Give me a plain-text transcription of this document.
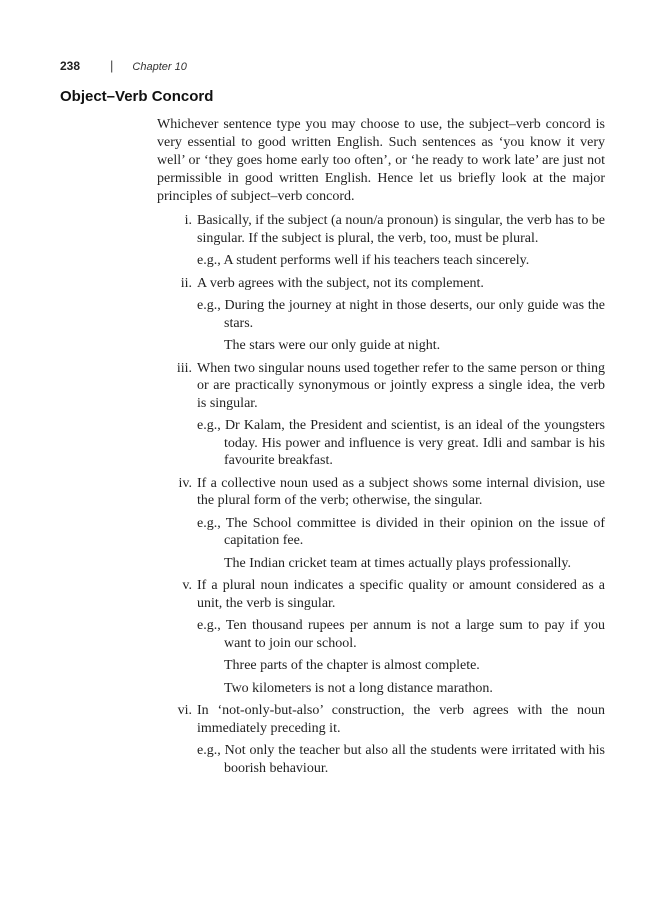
238 | Chapter 10
Object–Verb Concord

Whichever sentence type you may choose to use, the subject–verb concord is very essential to good written English. Such sentences as ‘you know it very well’ or ‘they goes home early too often’, or ‘he ready to work late’ are just not permissible in good written English. Hence let us briefly look at the major principles of subject–verb concord.

i. Basically, if the subject (a noun/a pronoun) is singular, the verb has to be singular. If the subject is plural, the verb, too, must be plural.

e.g., A student performs well if his teachers teach sincerely.

ii. A verb agrees with the subject, not its complement.

e.g., During the journey at night in those deserts, our only guide was the stars.

The stars were our only guide at night.

iii. When two singular nouns used together refer to the same person or thing or are practically synonymous or jointly express a single idea, the verb is singular.

e.g., Dr Kalam, the President and scientist, is an ideal of the youngsters today. His power and influence is very great. Idli and sambar is his favourite breakfast.

iv. If a collective noun used as a subject shows some internal division, use the plural form of the verb; otherwise, the singular.

e.g., The School committee is divided in their opinion on the issue of capitation fee.

The Indian cricket team at times actually plays professionally.

v. If a plural noun indicates a specific quality or amount considered as a unit, the verb is singular.

e.g., Ten thousand rupees per annum is not a large sum to pay if you want to join our school.

Three parts of the chapter is almost complete.

Two kilometers is not a long distance marathon.

vi. In ‘not-only-but-also’ construction, the verb agrees with the noun immediately preceding it.

e.g., Not only the teacher but also all the students were irritated with his boorish behaviour.
